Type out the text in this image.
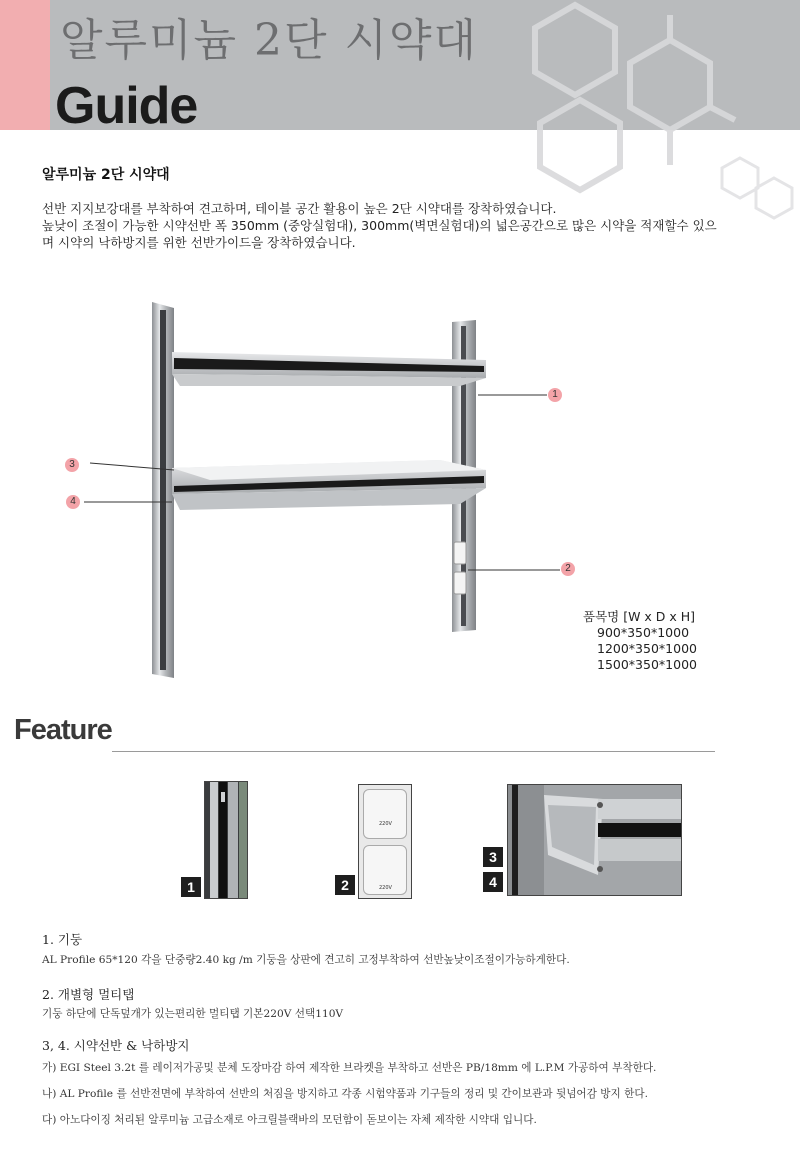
알루미늄 2단 시약대
Guide
알루미늄 2단 시약대
선반 지지보강대를 부착하여 견고하며, 테이블 공간 활용이 높은 2단 시약대를 장착하였습니다.
높낮이 조절이 가능한 시약선반 폭 350mm (중앙실험대), 300mm(벽면실험대)의 넓은공간으로 많은 시약을 적재할수 있으
며 시약의 낙하방지를 위한 선반가이드을 장착하였습니다.
1
2
3
4
품목명 [W x D x H]
900*350*1000
1200*350*1000
1500*350*1000
Feature
1
220V
220V
2
3
4
1. 기둥
AL Profile 65*120 각을 단중량2.40 kg /m 기둥을 상판에 견고히 고정부착하여 선반높낮이조절이가능하게한다.
2. 개별형 멀티탭
기둥 하단에 단독덮개가 있는편리한 멀티탭 기본220V 선택110V
3, 4. 시약선반 & 낙하방지
가) EGI Steel 3.2t 를 레이저가공및 분체 도장마감 하여 제작한 브라켓을 부착하고 선반은 PB/18mm 에 L.P.M 가공하여 부착한다.
나) AL Profile 를 선반전면에 부착하여 선반의 처짐을 방지하고 각종 시험약품과 기구들의 정리 및 간이보관과 뒷넘어감 방지 한다.
다) 아노다이징 처리된 알루미늄 고급소재로 아크릴블랙바의 모던함이 돋보이는 자체 제작한 시약대 입니다.
